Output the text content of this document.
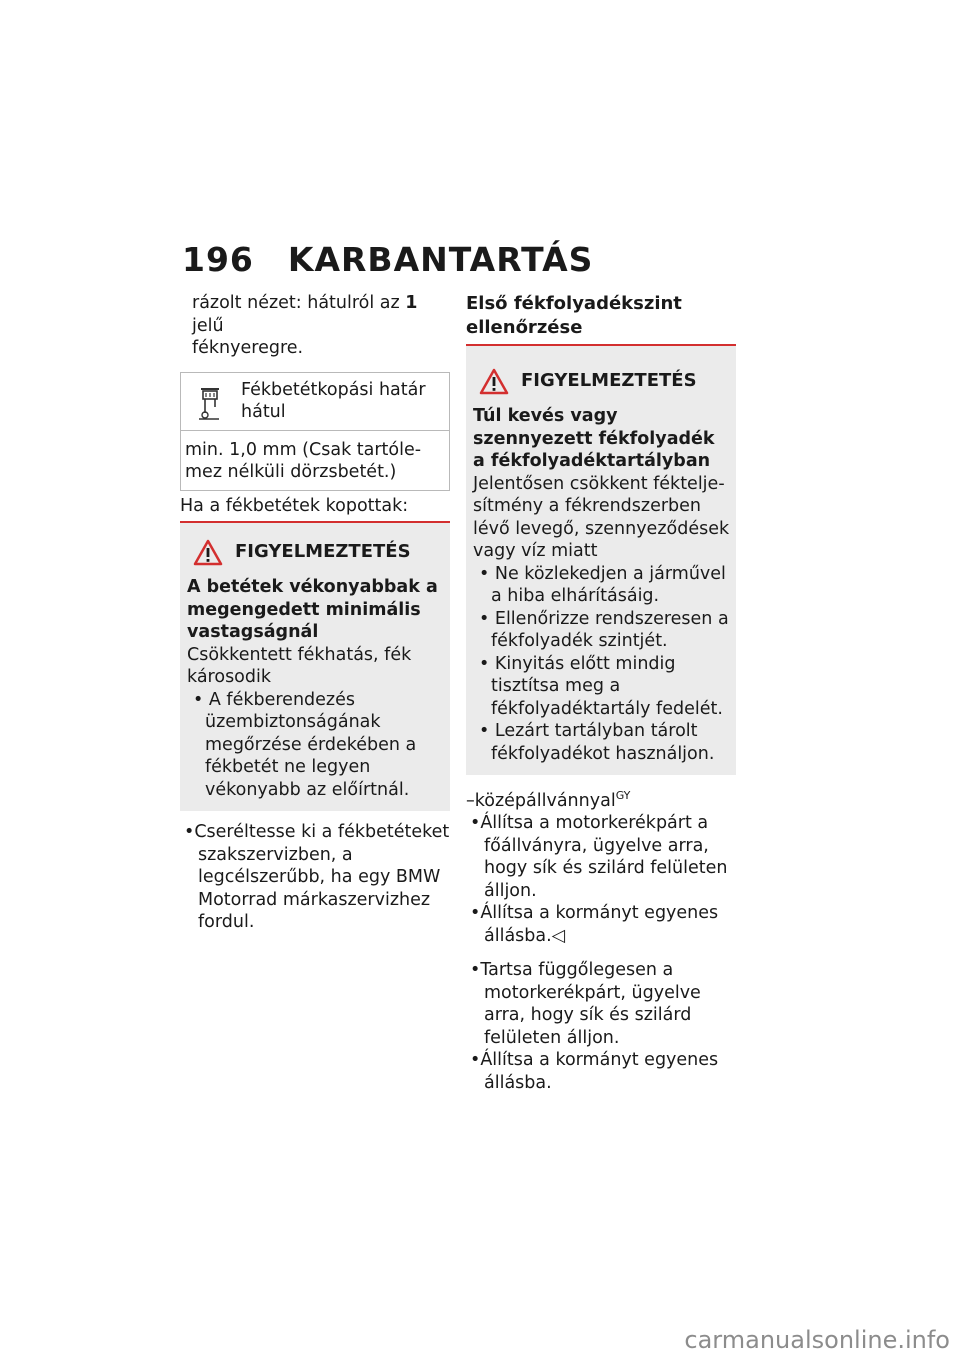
196 KARBANTARTÁS

rázolt nézet: hátulról az 1 jelű
féknyeregre.

Fékbetétkopási határ hátul
min. 1,0 mm (Csak tartóle-mez nélküli dörzsbetét.)

Ha a fékbetétek kopottak:

FIGYELMEZTETÉS

A betétek vékonyabbak a megengedett minimális vastagságnál

Csökkentett fékhatás, fék károsodik

• A fékberendezés üzembiztonságának megőrzése érdekében a fékbetét ne legyen vékonyabb az előírtnál.

•Cseréltesse ki a fékbetéteket szakszervizben, a legcélszerűbb, ha egy BMW Motorrad márkaszervizhez fordul.

Első fékfolyadékszint ellenőrzése

FIGYELMEZTETÉS

Túl kevés vagy szennyezett fékfolyadék a fékfolyadéktartályban

Jelentősen csökkent fékteljesítmény a fékrendszerben lévő levegő, szennyeződések vagy víz miatt

• Ne közlekedjen a járművel a hiba elhárításáig.
• Ellenőrizze rendszeresen a fékfolyadék szintjét.
• Kinyitás előtt mindig tisztítsa meg a fékfolyadéktartály fedelét.
• Lezárt tartályban tárolt fékfolyadékot használjon.

–középállvánnyal$^{GY}$

•Állítsa a motorkerékpárt a főállványra, ügyelve arra, hogy sík és szilárd felületen álljon.

•Állítsa a kormányt egyenes állásba.◁

•Tartsa függőlegesen a motorkerékpárt, ügyelve arra, hogy sík és szilárd felületen álljon.

•Állítsa a kormányt egyenes állásba.

carmanualsonline.info
